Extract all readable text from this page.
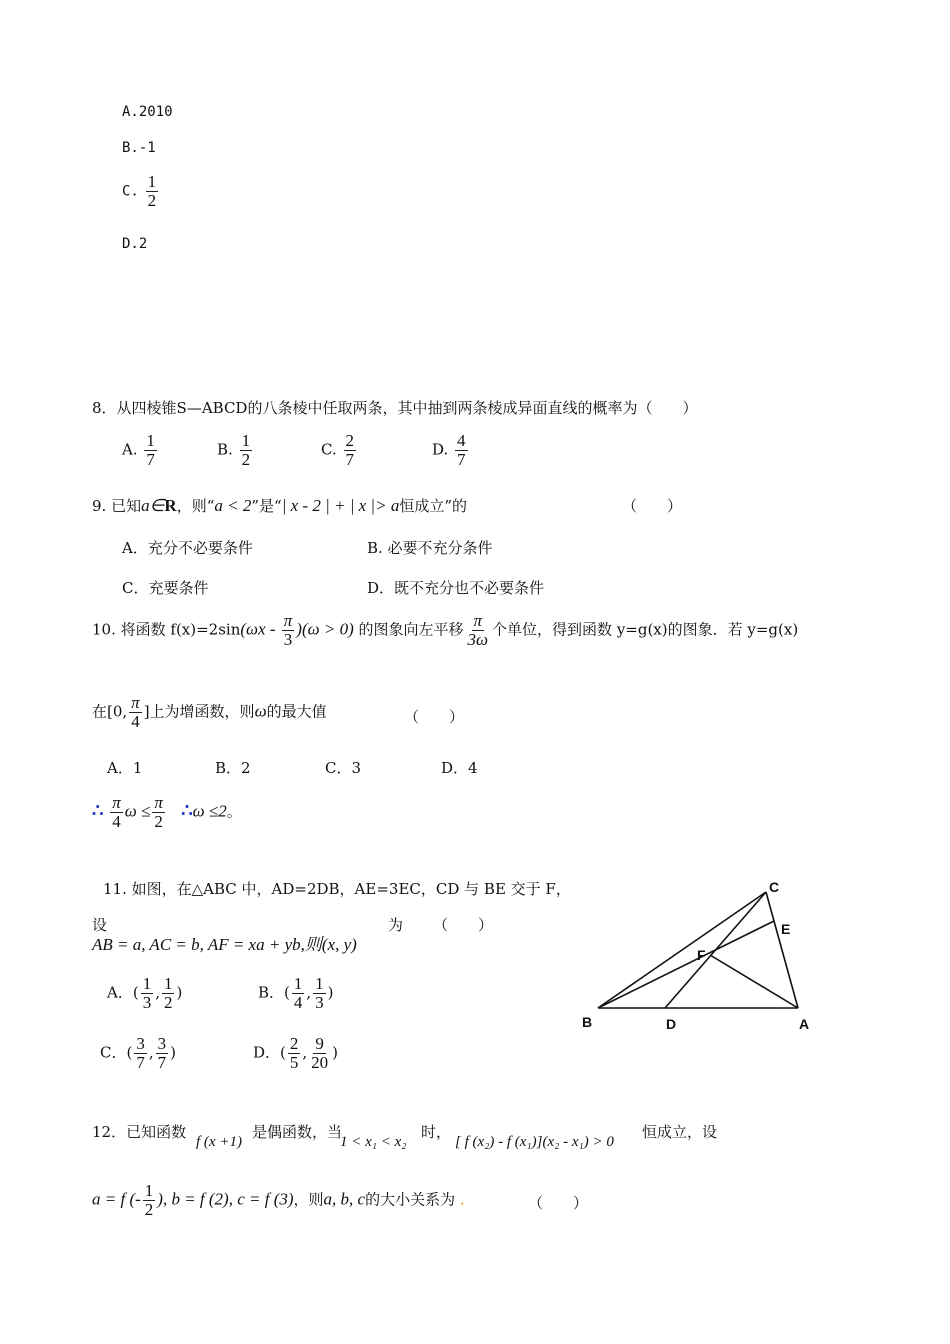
A.2010
B.-1
C. $\frac{1}{2}$
D.2
8．从四棱锥S—ABCD的八条棱中任取两条，其中抽到两条棱成异面直线的概率为（　　）
A. $\frac{1}{7}$	B. $\frac{1}{2}$	C. $\frac{2}{7}$	D. $\frac{4}{7}$
9. 已知a∈R，则“a < 2”是“| x - 2 | + | x |> a恒成立”的	（　　）
A．充分不必要条件	B. 必要不充分条件
C．充要条件	D．既不充分也不必要条件
10. 将函数 $f(x)=2\sin(\omega x - \frac{\pi}{3} )(\omega > 0)$ 的图象向左平移 $\frac{\pi}{3\omega}$ 个单位，得到函数 y=g(x)的图象．若 y=g(x)
在[0, $\frac{\pi}{4}$ ]上为增函数，则ω的最大值	（　　）
A．1	B．2	C．3	D．4
∴ $\frac{\pi}{4}$ $\omega \le \frac{\pi}{2}$ ∴ω ≤2。
11. 如图，在△ABC 中，AD=2DB，AE=3EC，CD 与 BE 交于 F，
设
AB = a, AC = b, AF = xa + yb,则(x, y)
为 （　　）
A．( $\frac{1}{3}$ , $\frac{1}{2}$ )	B．( $\frac{1}{4}$ , $\frac{1}{3}$ )
C．( $\frac{3}{7}$ , $\frac{3}{7}$ )	D．( $\frac{2}{5}$ , $\frac{9}{20}$ )
C
E
F
B	D	A
12．已知函数
f (x +1)
是偶函数，当
1 < x₁ < x₂
时，
[ f (x₂) - f (x₁)](x₂ - x₁) > 0
恒成立，设
a = f (- $\frac{1}{2}$ ), b = f (2), c = f (3)，则a, b, c的大小关系为 .	（　　）
